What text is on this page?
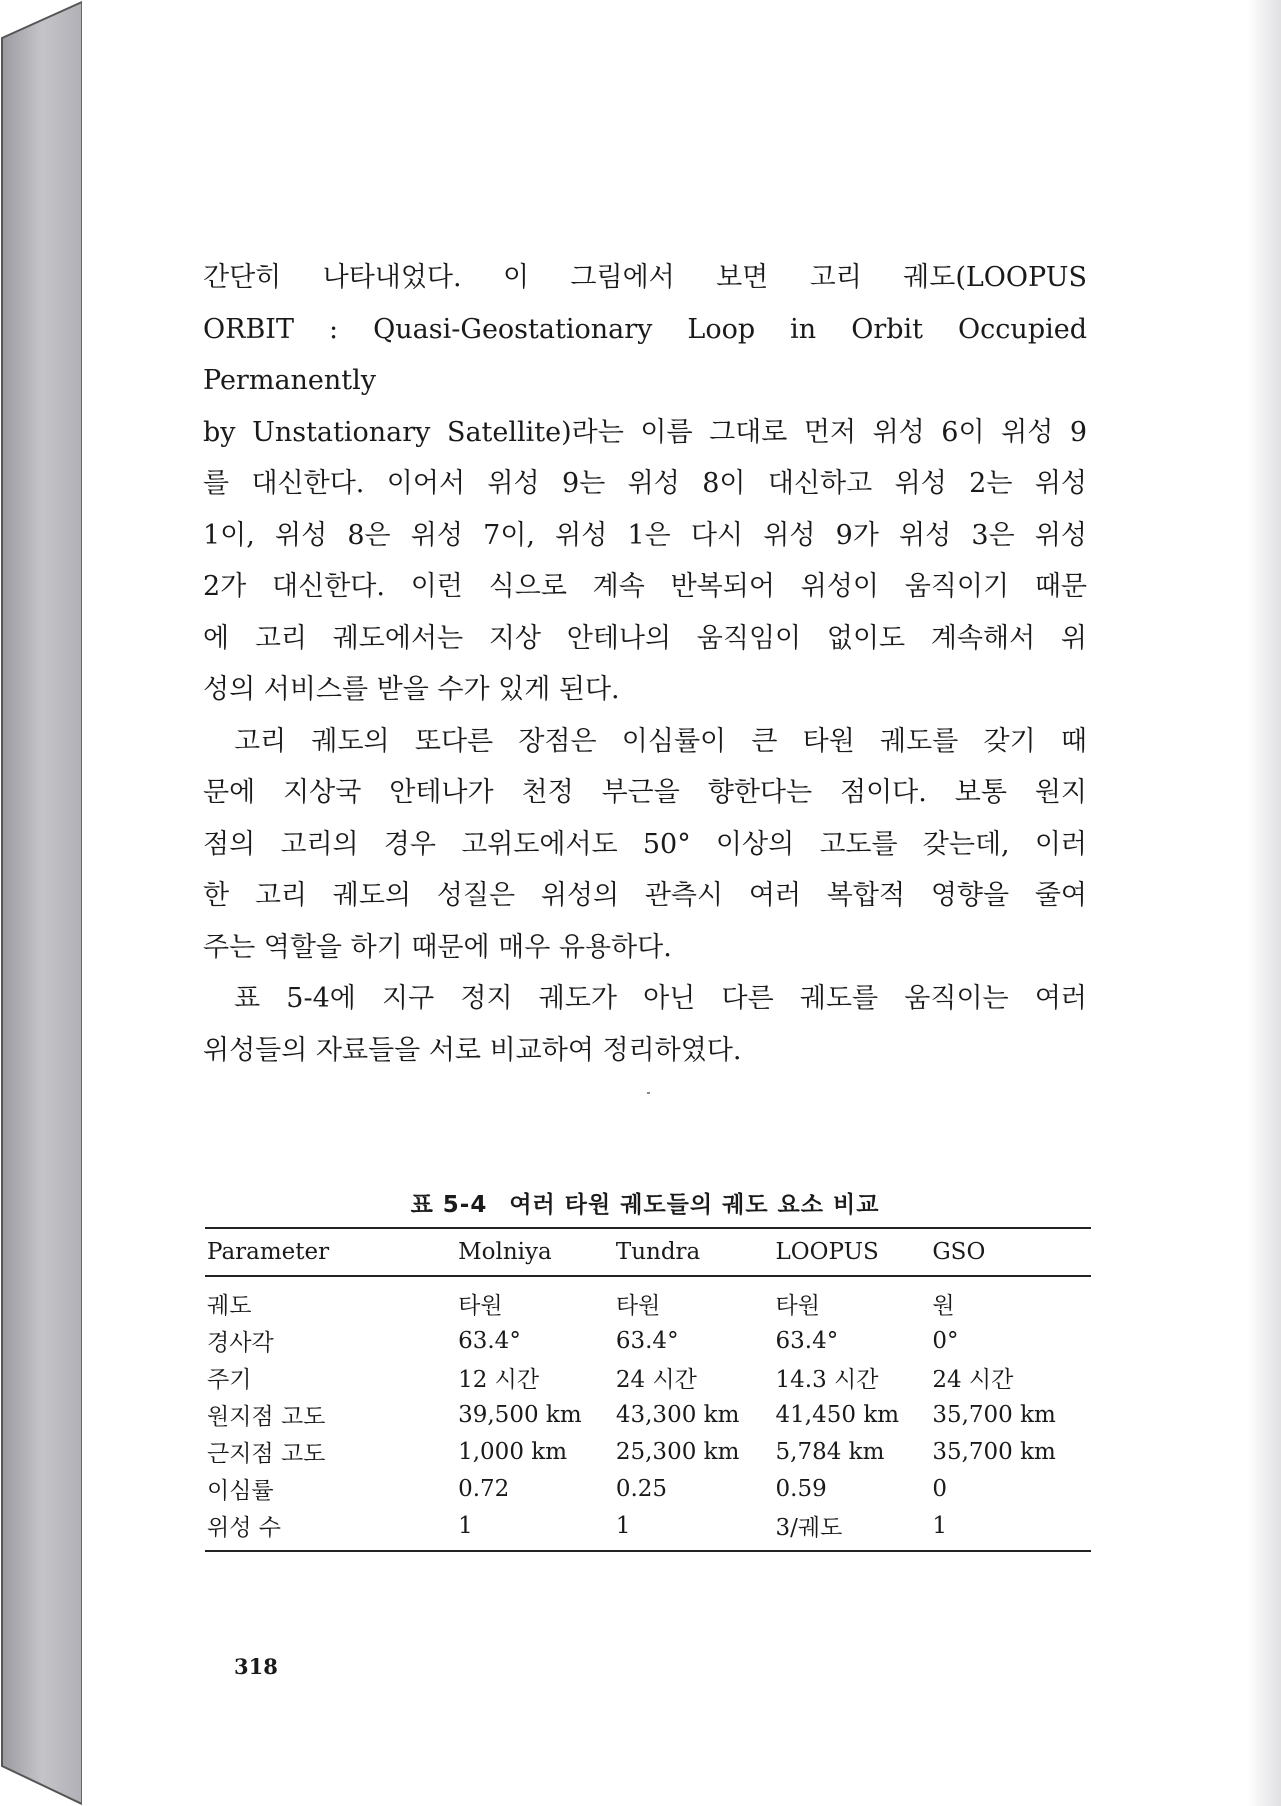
간단히 나타내었다. 이 그림에서 보면 고리 궤도(LOOPUS

ORBIT : Quasi-Geostationary Loop in Orbit Occupied Permanently

by Unstationary Satellite)라는 이름 그대로 먼저 위성 6이 위성 9

를 대신한다. 이어서 위성 9는 위성 8이 대신하고 위성 2는 위성

1이, 위성 8은 위성 7이, 위성 1은 다시 위성 9가 위성 3은 위성

2가 대신한다. 이런 식으로 계속 반복되어 위성이 움직이기 때문

에 고리 궤도에서는 지상 안테나의 움직임이 없이도 계속해서 위

성의 서비스를 받을 수가 있게 된다.

고리 궤도의 또다른 장점은 이심률이 큰 타원 궤도를 갖기 때

문에 지상국 안테나가 천정 부근을 향한다는 점이다. 보통 원지

점의 고리의 경우 고위도에서도 50° 이상의 고도를 갖는데, 이러

한 고리 궤도의 성질은 위성의 관측시 여러 복합적 영향을 줄여

주는 역할을 하기 때문에 매우 유용하다.

표 5-4에 지구 정지 궤도가 아닌 다른 궤도를 움직이는 여러

위성들의 자료들을 서로 비교하여 정리하였다.

표 5-4 여러 타원 궤도들의 궤도 요소 비교
Parameter	Molniya	Tundra	LOOPUS	GSO
궤도	타원	타원	타원	원
경사각	63.4°	63.4°	63.4°	0°
주기	12 시간	24 시간	14.3 시간	24 시간
원지점 고도	39,500 km	43,300 km	41,450 km	35,700 km
근지점 고도	1,000 km	25,300 km	5,784 km	35,700 km
이심률	0.72	0.25	0.59	0
위성 수	1	1	3/궤도	1
318
